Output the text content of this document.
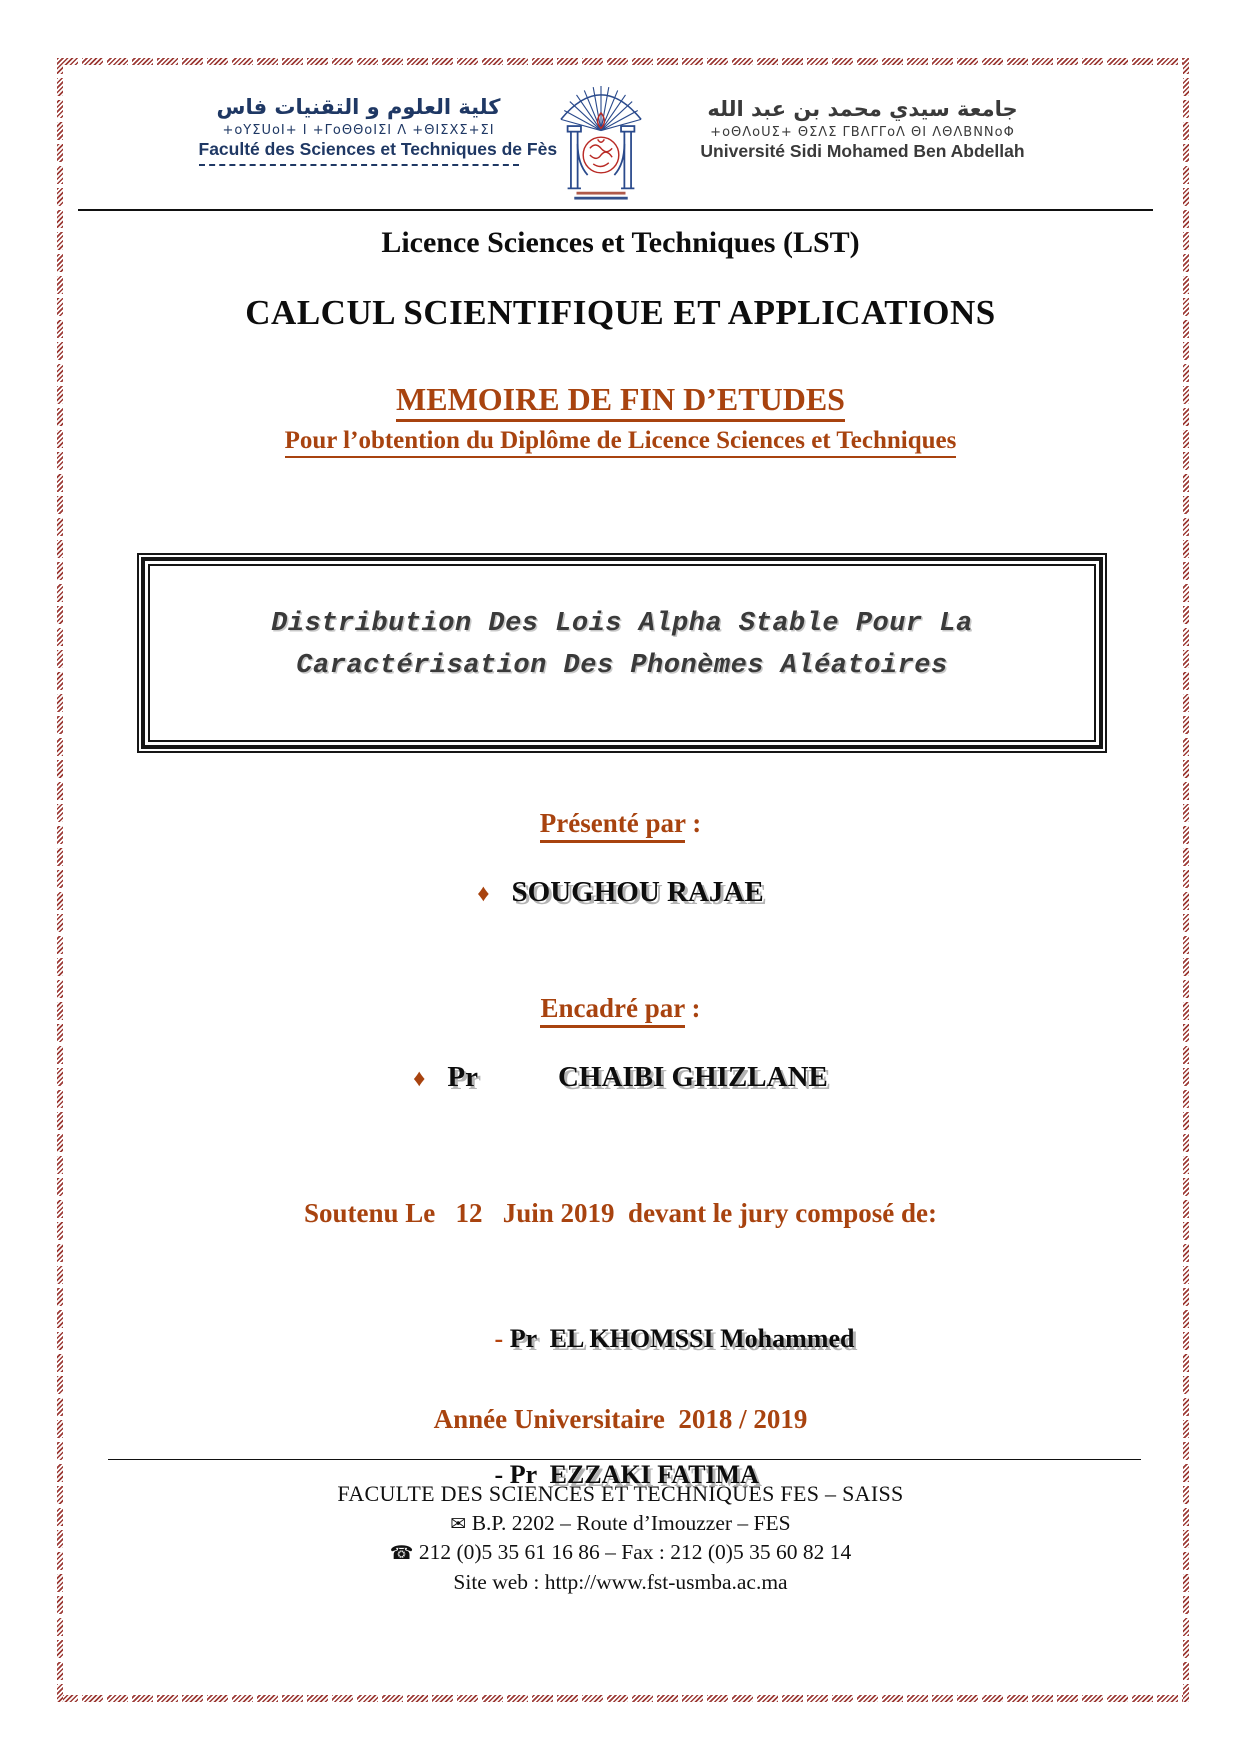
كلية العلوم و التقنيات فاس
+oYΣUoI+ I +ΓoΘΘoIΣI Λ +ΘIΣΧΣ+ΣI
Faculté des Sciences et Techniques de Fès
جامعة سيدي محمد بن عبد الله
+oΘΛoUΣ+ ΘΣΛΣ ΓΒΛΓΓoΛ ΘI ΛΘΛΒΝΝoΦ
Université Sidi Mohamed Ben Abdellah
Licence Sciences et Techniques (LST)
CALCUL SCIENTIFIQUE ET APPLICATIONS
MEMOIRE DE FIN D’ETUDES
Pour l’obtention du Diplôme de Licence Sciences et Techniques
Distribution Des Lois Alpha Stable Pour La
Caractérisation Des Phonèmes Aléatoires
Présenté par :
♦ SOUGHOU RAJAE
Encadré par :
♦ Pr	CHAIBI GHIZLANE
Soutenu Le   12   Juin 2019  devant le jury composé de:

- Pr  EL KHOMSSI Mohammed

- Pr  EZZAKI FATIMA

Année Universitaire  2018 / 2019
FACULTE DES SCIENCES ET TECHNIQUES FES – SAISS
✉ B.P. 2202 – Route d’Imouzzer – FES
☎ 212 (0)5 35 61 16 86 – Fax : 212 (0)5 35 60 82 14
Site web : http://www.fst-usmba.ac.ma
